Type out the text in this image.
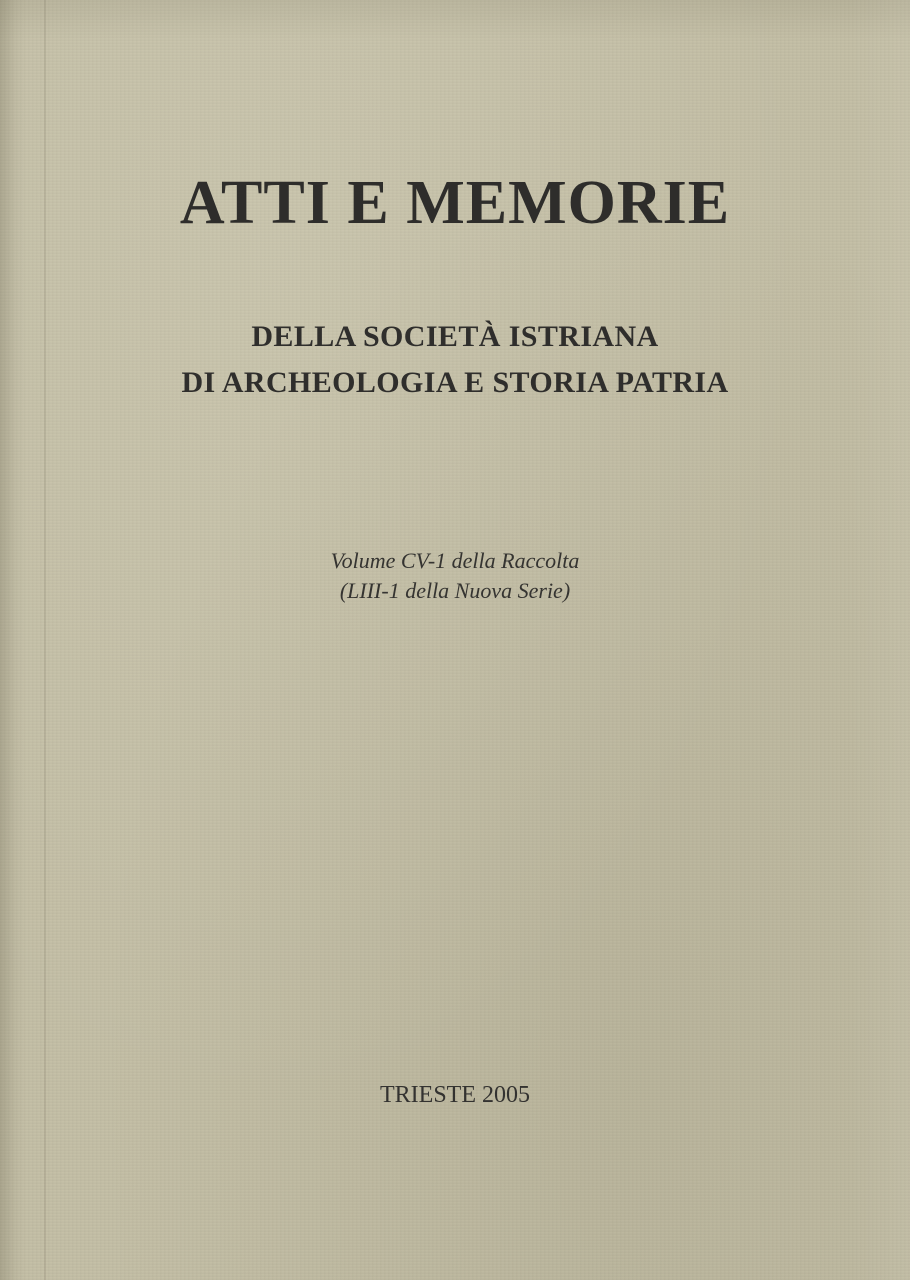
ATTI E MEMORIE

DELLA SOCIETÀ ISTRIANA

DI ARCHEOLOGIA E STORIA PATRIA

Volume CV-1 della Raccolta

(LIII-1 della Nuova Serie)

TRIESTE 2005
